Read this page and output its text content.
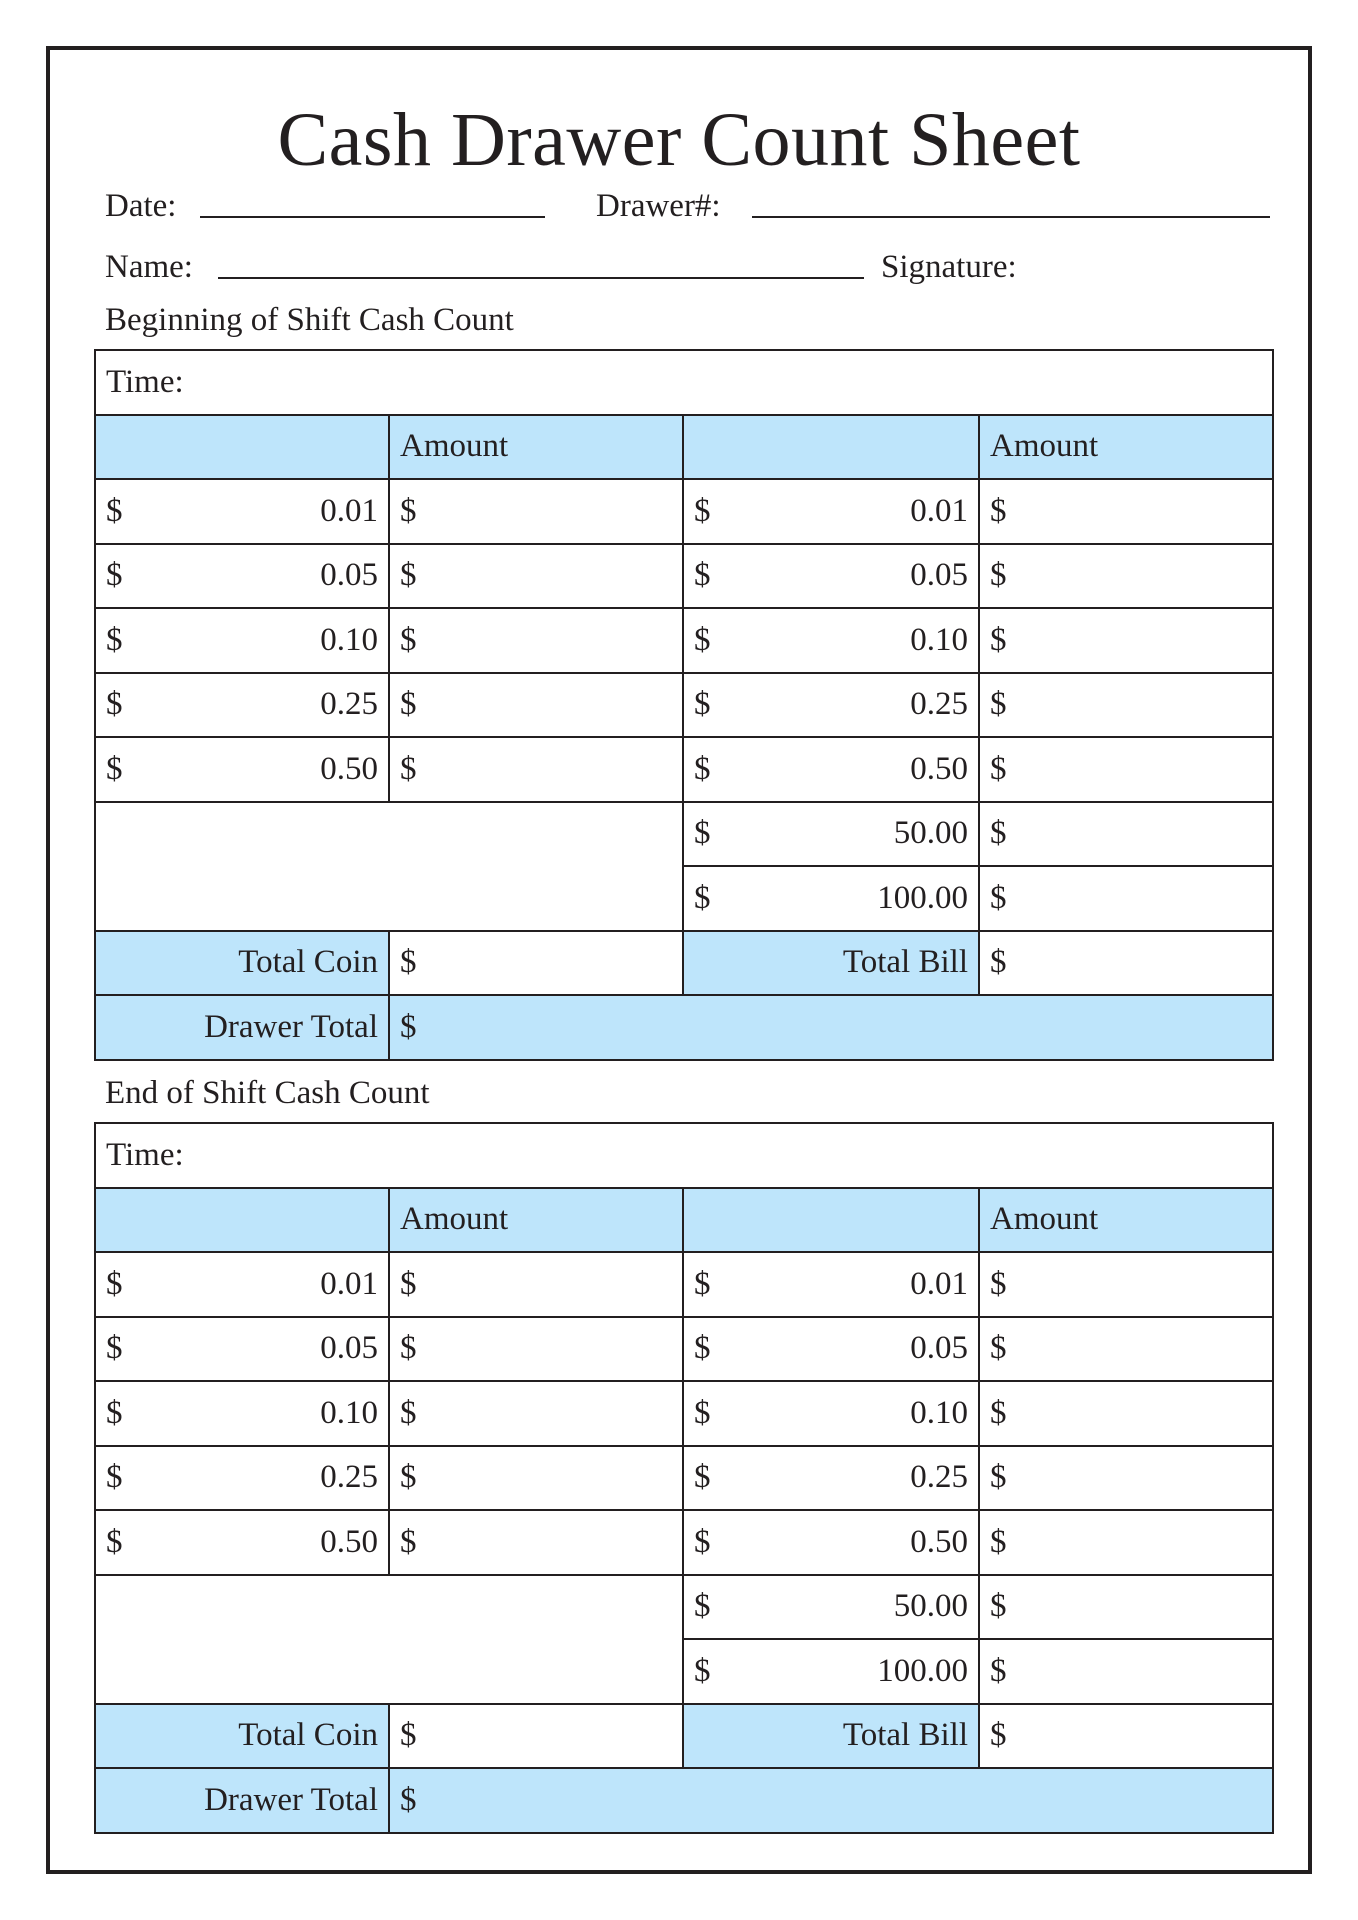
Cash Drawer Count Sheet
Date:	Drawer#:
Name:	Signature:
Beginning of Shift Cash Count
Time:			
	Amount		Amount

$ 0.01	$	$ 0.01	$

$ 0.05	$	$ 0.05	$

$ 0.10	$	$ 0.10	$

$ 0.25	$	$ 0.25	$

$ 0.50	$	$ 0.50	$

		$ 50.00	$

		$ 100.00	$
Total Coin	$	Total Bill	$
Drawer Total	$		
End of Shift Cash Count
Time:			
	Amount		Amount

$ 0.01	$	$ 0.01	$

$ 0.05	$	$ 0.05	$

$ 0.10	$	$ 0.10	$

$ 0.25	$	$ 0.25	$

$ 0.50	$	$ 0.50	$

		$ 50.00	$

		$ 100.00	$
Total Coin	$	Total Bill	$
Drawer Total	$		
